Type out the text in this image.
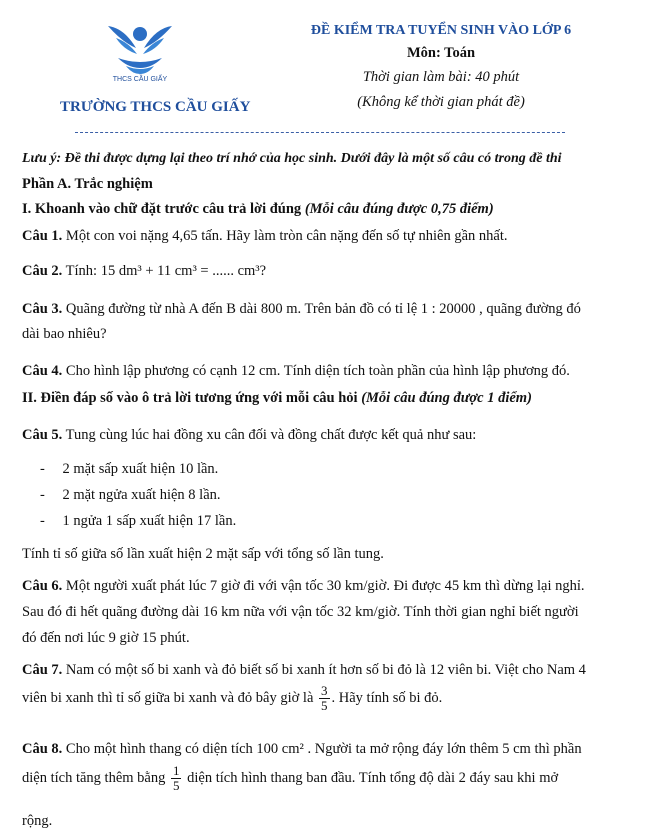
THCS CẦU GIẤY
TRƯỜNG THCS CẦU GIẤY
ĐỀ KIỂM TRA TUYỂN SINH VÀO LỚP 6
Môn: Toán
Thời gian làm bài: 40 phút
(Không kể thời gian phát đề)
Lưu ý: Đề thi được dựng lại theo trí nhớ của học sinh. Dưới đây là một số câu có trong đề thi
Phần A. Trắc nghiệm
I. Khoanh vào chữ đặt trước câu trả lời đúng (Mỗi câu đúng được 0,75 điểm)
Câu 1. Một con voi nặng 4,65 tấn. Hãy làm tròn cân nặng đến số tự nhiên gần nhất.
Câu 2. Tính: 15 dm³ + 11 cm³ = ...... cm³?
Câu 3. Quãng đường từ nhà A đến B dài 800 m. Trên bản đồ có tỉ lệ 1 : 20000 , quãng đường đó
dài bao nhiêu?
Câu 4. Cho hình lập phương có cạnh 12 cm. Tính diện tích toàn phần của hình lập phương đó.
II. Điền đáp số vào ô trả lời tương ứng với mỗi câu hỏi (Mỗi câu đúng được 1 điểm)
Câu 5. Tung cùng lúc hai đồng xu cân đối và đồng chất được kết quả như sau:
- 2 mặt sấp xuất hiện 10 lần.
- 2 mặt ngửa xuất hiện 8 lần.
- 1 ngửa 1 sấp xuất hiện 17 lần.
Tính tỉ số giữa số lần xuất hiện 2 mặt sấp với tổng số lần tung.
Câu 6. Một người xuất phát lúc 7 giờ đi với vận tốc 30 km/giờ. Đi được 45 km thì dừng lại nghỉ.
Sau đó đi hết quãng đường dài 16 km nữa với vận tốc 32 km/giờ. Tính thời gian nghỉ biết người
đó đến nơi lúc 9 giờ 15 phút.
Câu 7. Nam có một số bi xanh và đỏ biết số bi xanh ít hơn số bi đỏ là 12 viên bi. Việt cho Nam 4
viên bi xanh thì tỉ số giữa bi xanh và đỏ bây giờ là $\frac{3}{5}$ . Hãy tính số bi đỏ.
Câu 8. Cho một hình thang có diện tích 100 cm² . Người ta mở rộng đáy lớn thêm 5 cm thì phần
diện tích tăng thêm bằng $\frac{1}{5}$ diện tích hình thang ban đầu. Tính tổng độ dài 2 đáy sau khi mở
rộng.
